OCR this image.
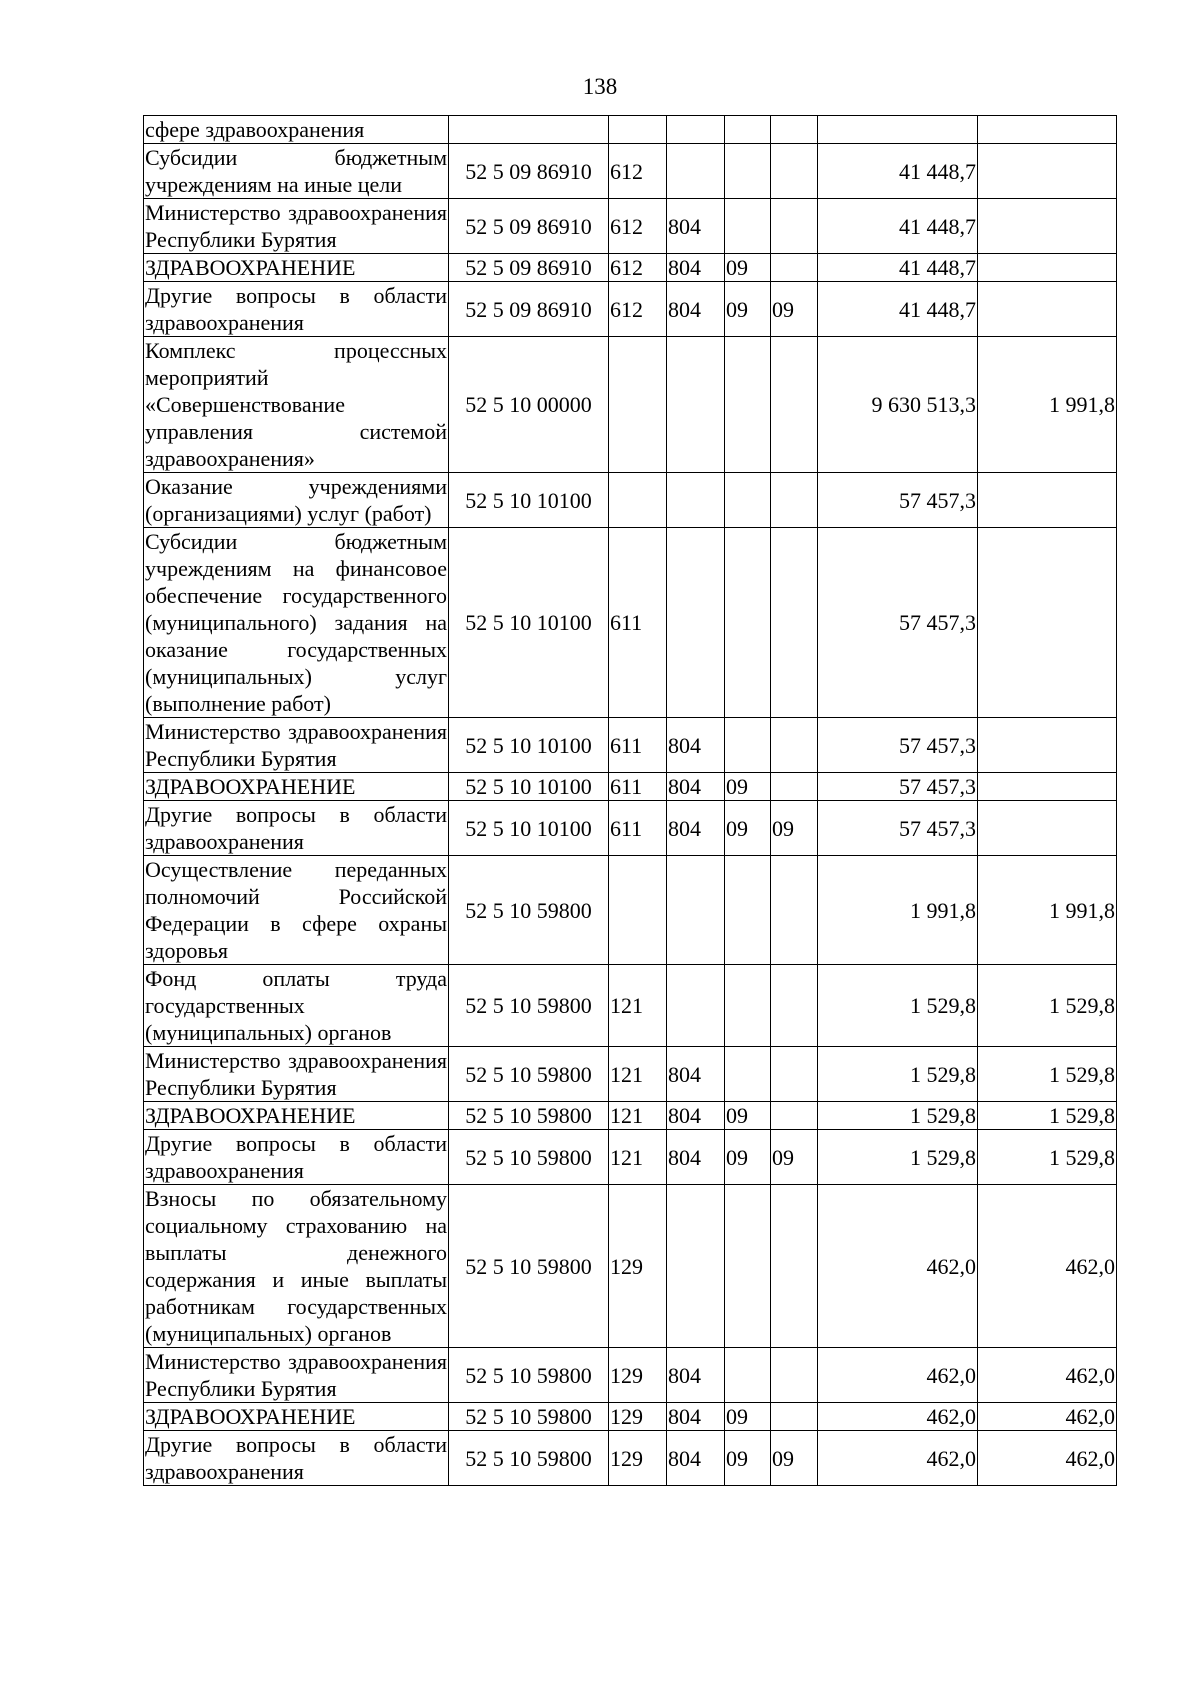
138
сфере здравоохранения							
Субсидии бюджетным учреждениям на иные цели	52 5 09 86910	612				41 448,7	
Министерство здравоохранения Республики Бурятия	52 5 09 86910	612	804			41 448,7	
ЗДРАВООХРАНЕНИЕ	52 5 09 86910	612	804	09		41 448,7	
Другие вопросы в области здравоохранения	52 5 09 86910	612	804	09	09	41 448,7	
Комплекс процессных мероприятий «Совершенствование управления системой здравоохранения»	52 5 10 00000					9 630 513,3	1 991,8
Оказание учреждениями (организациями) услуг (работ)	52 5 10 10100					57 457,3	
Субсидии бюджетным учреждениям на финансовое обеспечение государственного (муниципального) задания на оказание государственных (муниципальных) услуг (выполнение работ)	52 5 10 10100	611				57 457,3	
Министерство здравоохранения Республики Бурятия	52 5 10 10100	611	804			57 457,3	
ЗДРАВООХРАНЕНИЕ	52 5 10 10100	611	804	09		57 457,3	
Другие вопросы в области здравоохранения	52 5 10 10100	611	804	09	09	57 457,3	
Осуществление переданных полномочий Российской Федерации в сфере охраны здоровья	52 5 10 59800					1 991,8	1 991,8
Фонд оплаты труда государственных (муниципальных) органов	52 5 10 59800	121				1 529,8	1 529,8
Министерство здравоохранения Республики Бурятия	52 5 10 59800	121	804			1 529,8	1 529,8
ЗДРАВООХРАНЕНИЕ	52 5 10 59800	121	804	09		1 529,8	1 529,8
Другие вопросы в области здравоохранения	52 5 10 59800	121	804	09	09	1 529,8	1 529,8
Взносы по обязательному социальному страхованию на выплаты денежного содержания и иные выплаты работникам государственных (муниципальных) органов	52 5 10 59800	129				462,0	462,0
Министерство здравоохранения Республики Бурятия	52 5 10 59800	129	804			462,0	462,0
ЗДРАВООХРАНЕНИЕ	52 5 10 59800	129	804	09		462,0	462,0
Другие вопросы в области здравоохранения	52 5 10 59800	129	804	09	09	462,0	462,0
